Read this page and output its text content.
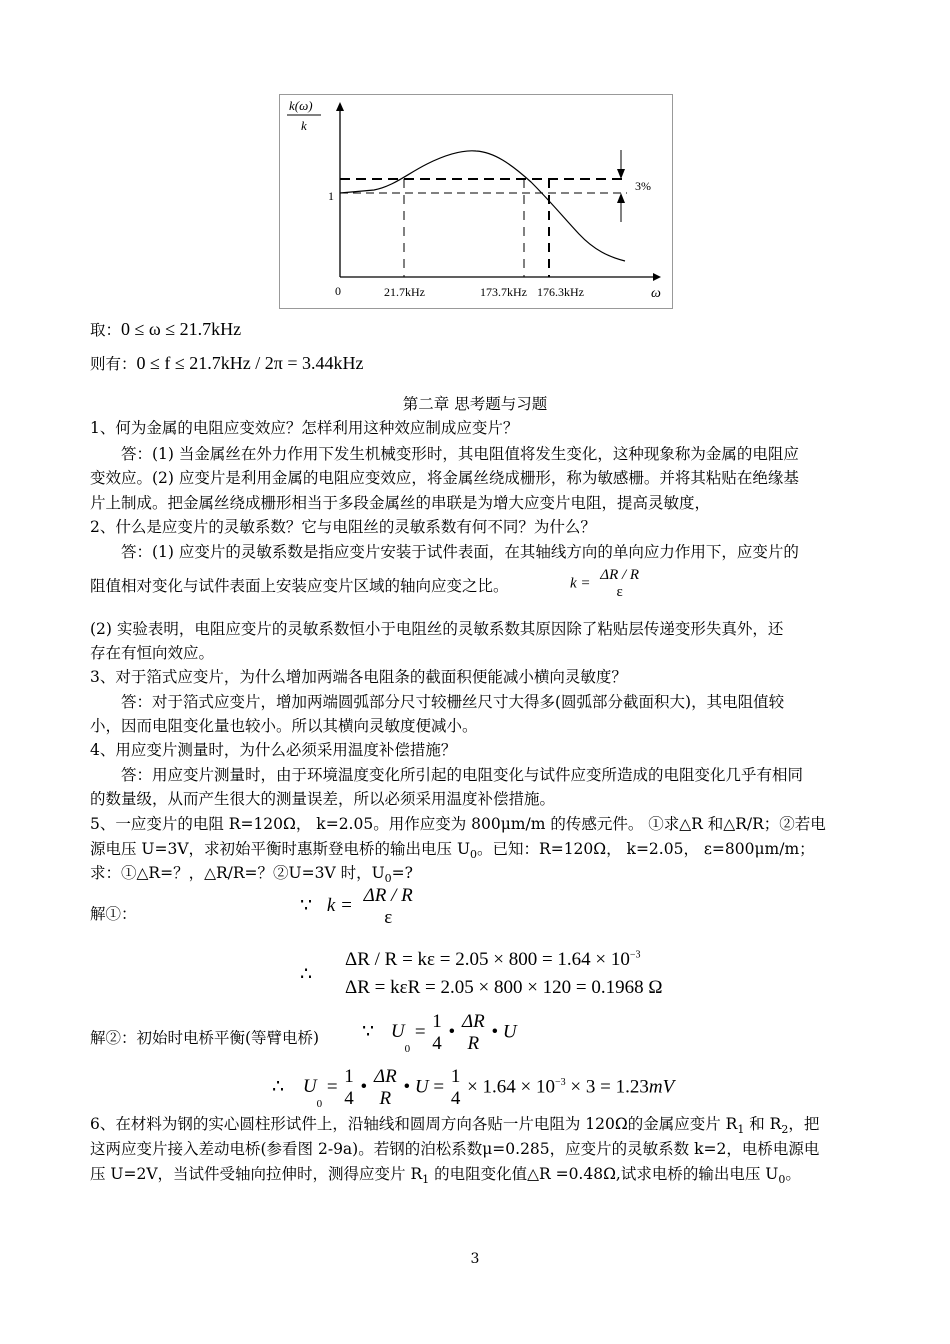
k(ω)
k
1
3%
0	21.7kHz	173.7kHz 176.3kHz	ω
取：0 ≤ ω ≤ 21.7kHz
则有：0 ≤ f ≤ 21.7kHz / 2π = 3.44kHz
第二章 思考题与习题
1、何为金属的电阻应变效应？怎样利用这种效应制成应变片？
答：(1) 当金属丝在外力作用下发生机械变形时，其电阻值将发生变化，这种现象称为金属的电阻应
变效应。(2) 应变片是利用金属的电阻应变效应，将金属丝绕成栅形，称为敏感栅。并将其粘贴在绝缘基
片上制成。把金属丝绕成栅形相当于多段金属丝的串联是为增大应变片电阻，提高灵敏度，
2、什么是应变片的灵敏系数？它与电阻丝的灵敏系数有何不同？为什么？
答：(1) 应变片的灵敏系数是指应变片安装于试件表面，在其轴线方向的单向应力作用下，应变片的
阻值相对变化与试件表面上安装应变片区域的轴向应变之比。	k =
ΔR / R
ε
(2) 实验表明，电阻应变片的灵敏系数恒小于电阻丝的灵敏系数其原因除了粘贴层传递变形失真外，还
存在有恒向效应。
3、对于箔式应变片，为什么增加两端各电阻条的截面积便能减小横向灵敏度？
答：对于箔式应变片，增加两端圆弧部分尺寸较栅丝尺寸大得多(圆弧部分截面积大)，其电阻值较
小，因而电阻变化量也较小。所以其横向灵敏度便减小。
4、用应变片测量时，为什么必须采用温度补偿措施？
答：用应变片测量时，由于环境温度变化所引起的电阻变化与试件应变所造成的电阻变化几乎有相同
的数量级，从而产生很大的测量误差，所以必须采用温度补偿措施。
5、一应变片的电阻 R=120Ω， k=2.05。用作应变为 800μm/m 的传感元件。 ①求△R 和△R/R；②若电
源电压 U=3V，求初始平衡时惠斯登电桥的输出电压 $U_0$。已知：R=120Ω， k=2.05， ε=800μm/m；
求：①△R=？，△R/R=？②U=3V 时，$U_0=$?
解①：	∵ k = ΔR / R
ε
∴
$\Delta R / R = k\varepsilon = 2.05 \times 800 = 1.64 \times 10^{-3}$
ΔR = kεR = 2.05 × 800 × 120 = 0.1968 Ω
解②：初始时电桥平衡(等臂电桥) ∵ $U_0 = 1$
4
• ΔR
R
• U
∴ $U_0 = 1$
4
• ΔR
R
• U = 1
4
× $1.64 \times 10^{-3} \times 3 = 1.23mV$
6、在材料为钢的实心圆柱形试件上，沿轴线和圆周方向各贴一片电阻为 120Ω的金属应变片 $R_1$ 和 $R_2$，把
这两应变片接入差动电桥(参看图 2-9a)。若钢的泊松系数μ=0.285，应变片的灵敏系数 k=2，电桥电源电
压 U=2V，当试件受轴向拉伸时，测得应变片 $R_1$ 的电阻变化值△R =0.48Ω,试求电桥的输出电压 $U_0$。
3
